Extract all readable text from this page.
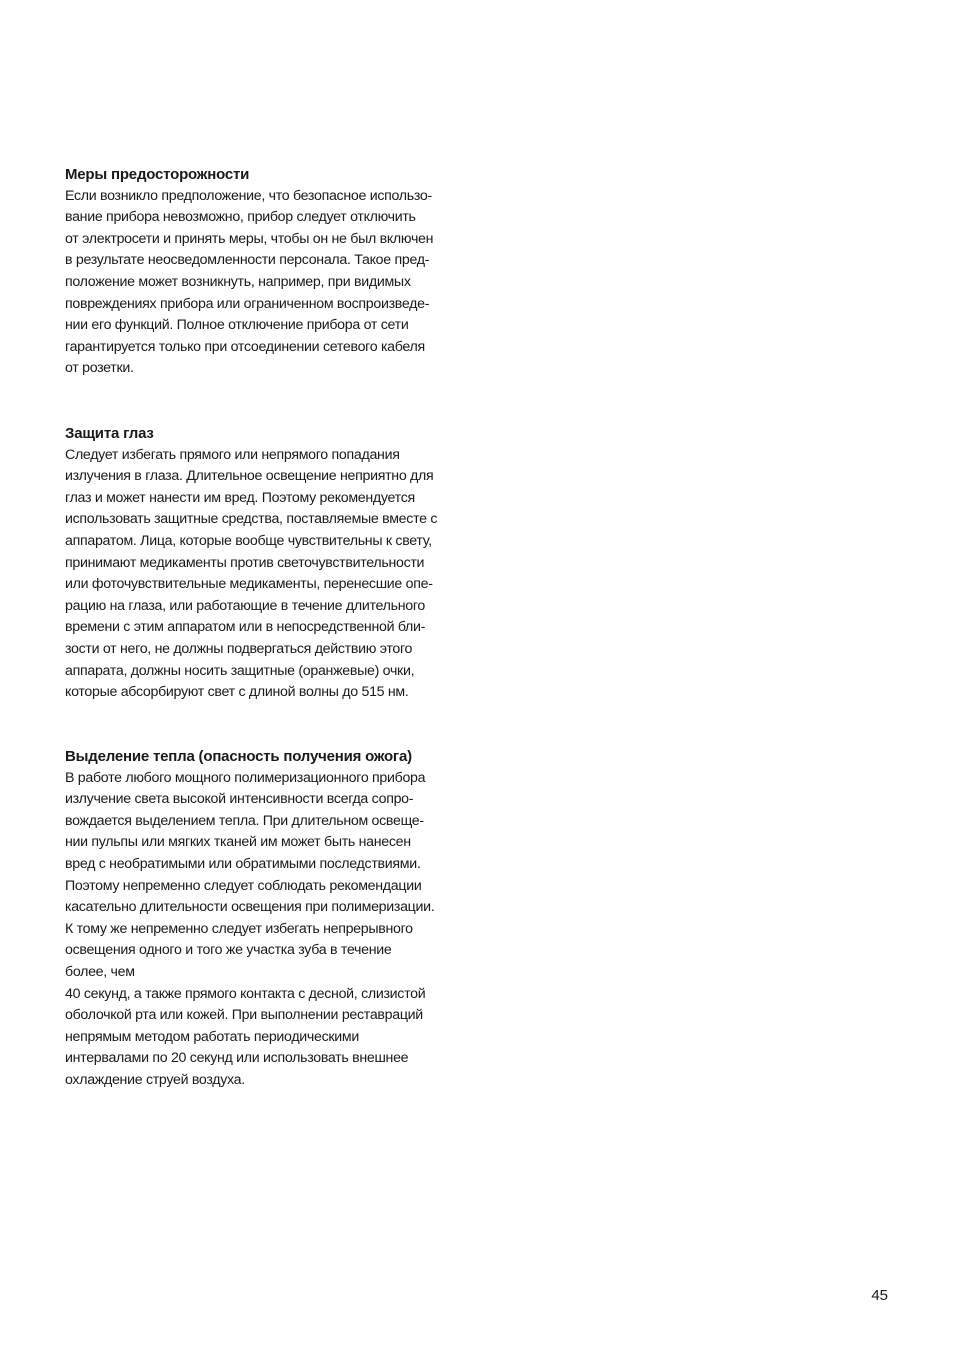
Меры предосторожности
Если возникло предположение, что безопасное использо-
вание прибора невозможно, прибор следует отключить
от электросети и принять меры, чтобы он не был включен
в результате неосведомленности персонала. Такое пред-
положение может возникнуть, например, при видимых
повреждениях прибора или ограниченном воспроизведе-
нии его функций. Полное отключение прибора от сети
гарантируется только при отсоединении сетевого кабеля
от розетки.
Защита глаз
Следует избегать прямого или непрямого попадания
излучения в глаза. Длительное освещение неприятно для
глаз и может нанести им вред. Поэтому рекомендуется
использовать защитные средства, поставляемые вместе с
аппаратом. Лица, которые вообще чувствительны к свету,
принимают медикаменты против светочувствительности
или фоточувствительные медикаменты, перенесшие опе-
рацию на глаза, или работающие в течение длительного
времени с этим аппаратом или в непосредственной бли-
зости от него, не должны подвергаться действию этого
аппарата, должны носить защитные (оранжевые) очки,
которые абсорбируют свет с длиной волны до 515 нм.
Выделение тепла (опасность получения ожога)
В работе любого мощного полимеризационного прибора
излучение света высокой интенсивности всегда сопро-
вождается выделением тепла. При длительном освеще-
нии пульпы или мягких тканей им может быть нанесен
вред с необратимыми или обратимыми последствиями.
Поэтому непременно следует соблюдать рекомендации
касательно длительности освещения при полимеризации.
К тому же непременно следует избегать непрерывного
освещения одного и того же участка зуба в течение
более, чем
40 секунд, а также прямого контакта с десной, слизистой
оболочкой рта или кожей. При выполнении реставраций
непрямым методом работать периодическими
интервалами по 20 секунд или использовать внешнее
охлаждение струей воздуха.
45
